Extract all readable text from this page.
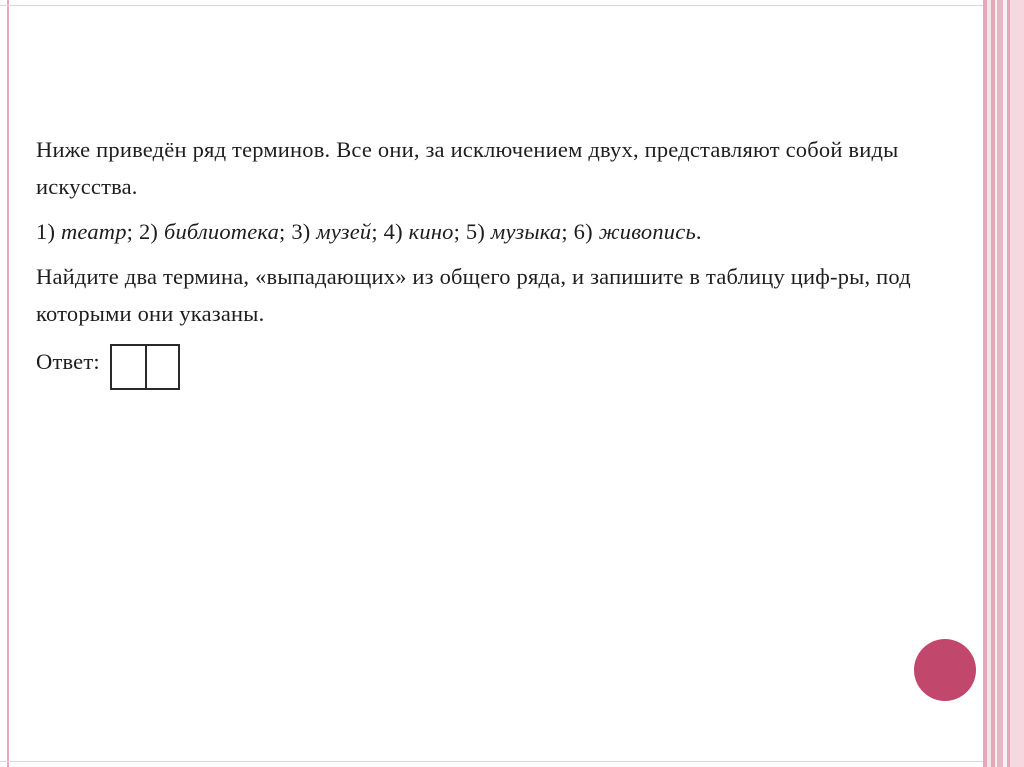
Ниже приведён ряд терминов. Все они, за исключением двух, представляют собой виды искусства.

1) театр; 2) библиотека; 3) музей; 4) кино; 5) музыка; 6) живопись.

Найдите два термина, «выпадающих» из общего ряда, и запишите в таблицу циф-ры, под которыми они указаны.

Ответ:
